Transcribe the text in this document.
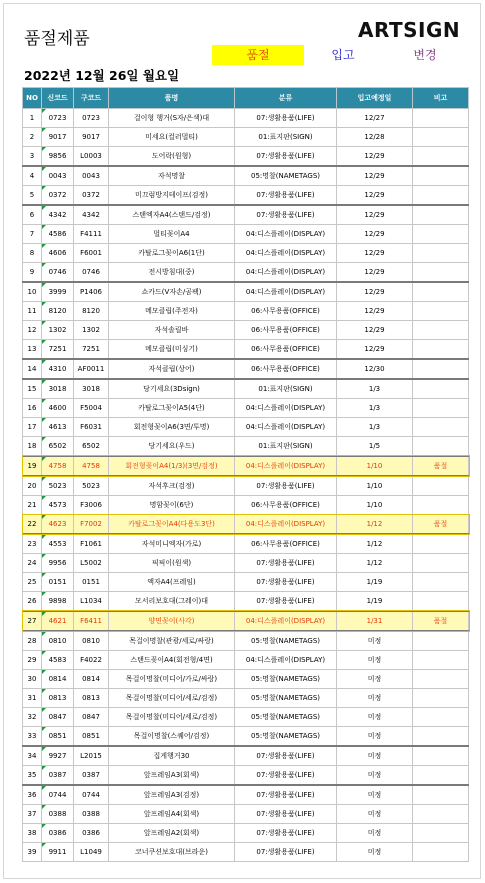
품절제품	ARTSIGN
품절	입고	변경
2022년 12월 26일 월요일
NO	신코드	구코드	품명	분류	입고예정일	비고
1	0723	0723	걸이형 행거(S자/은색)대	07:생활용품(LIFE)	12/27	
2	9017	9017	미세요(컬러멀티)	01:표지판(SIGN)	12/28	
3	9856	L0003	도어락(원형)	07:생활용품(LIFE)	12/29	
4	0043	0043	자석명찰	05:명찰(NAMETAGS)	12/29	
5	0372	0372	미끄럼방지테이프(검정)	07:생활용품(LIFE)	12/29	
6	4342	4342	스탠엑자A4(스탠드/검정)	07:생활용품(LIFE)	12/29	
7	4586	F4111	멀티꽂이A4	04:디스플레이(DISPLAY)	12/29	
8	4606	F6001	카탈로그꽂이A6(1단)	04:디스플레이(DISPLAY)	12/29	
9	0746	0746	전시방침대(중)	04:디스플레이(DISPLAY)	12/29	
10	3999	P1406	쇼카드(V자손/곰팩)	04:디스플레이(DISPLAY)	12/29	
11	8120	8120	메모클립(주전자)	06:사무용품(OFFICE)	12/29	
12	1302	1302	자석솔릴바	06:사무용품(OFFICE)	12/29	
13	7251	7251	메모클립(미싱기)	06:사무용품(OFFICE)	12/29	
14	4310	AF0011	자석클립(상어)	06:사무용품(OFFICE)	12/30	
15	3018	3018	당기세요(3Dsign)	01:표지판(SIGN)	1/3	
16	4600	F5004	카탈로그꽂이A5(4단)	04:디스플레이(DISPLAY)	1/3	
17	4613	F6031	회전형꽂이A6(3면/투명)	04:디스플레이(DISPLAY)	1/3	
18	6502	6502	당기세요(우드)	01:표지판(SIGN)	1/5	
19	4758	4758	회전형꽂이A4(1/3)(3면/검정)	04:디스플레이(DISPLAY)	1/10	품절
20	5023	5023	자석후크(검정)	07:생활용품(LIFE)	1/10	
21	4573	F3006	명함꽂이(6단)	06:사무용품(OFFICE)	1/10	
22	4623	F7002	카탈로그꽂이A4(다용도3단)	04:디스플레이(DISPLAY)	1/12	품절
23	4553	F1061	자석미니엑자(가로)	06:사무용품(OFFICE)	1/12	
24	9956	L5002	픽픽이(원색)	07:생활용품(LIFE)	1/12	
25	0151	0151	액자A4(프레임)	07:생활용품(LIFE)	1/19	
26	9898	L1034	모서리보호대(그레이)대	07:생활용품(LIFE)	1/19	
27	4621	F6411	양면꽂이(사각)	04:디스플레이(DISPLAY)	1/31	품절
28	0810	0810	목걸이명찰(관광/세로/싸랑)	05:명찰(NAMETAGS)	미정	
29	4583	F4022	스탠드꽂이A4(회전형/4면)	04:디스플레이(DISPLAY)	미정	
30	0814	0814	목걸이명찰(미디어/가로/싸랑)	05:명찰(NAMETAGS)	미정	
31	0813	0813	목걸이명찰(미디어/세로/검정)	05:명찰(NAMETAGS)	미정	
32	0847	0847	목걸이명찰(미디어/세로/검정)	05:명찰(NAMETAGS)	미정	
33	0851	0851	목걸이명찰(스퀘어/검정)	05:명찰(NAMETAGS)	미정	
34	9927	L2015	집게행거30	07:생활용품(LIFE)	미정	
35	0387	0387	앞프레임A3(회색)	07:생활용품(LIFE)	미정	
36	0744	0744	앞프레임A3(검정)	07:생활용품(LIFE)	미정	
37	0388	0388	앞프레임A4(회색)	07:생활용품(LIFE)	미정	
38	0386	0386	앞프레임A2(회색)	07:생활용품(LIFE)	미정	
39	9911	L1049	코너쿠션보호대(브라운)	07:생활용품(LIFE)	미정	
